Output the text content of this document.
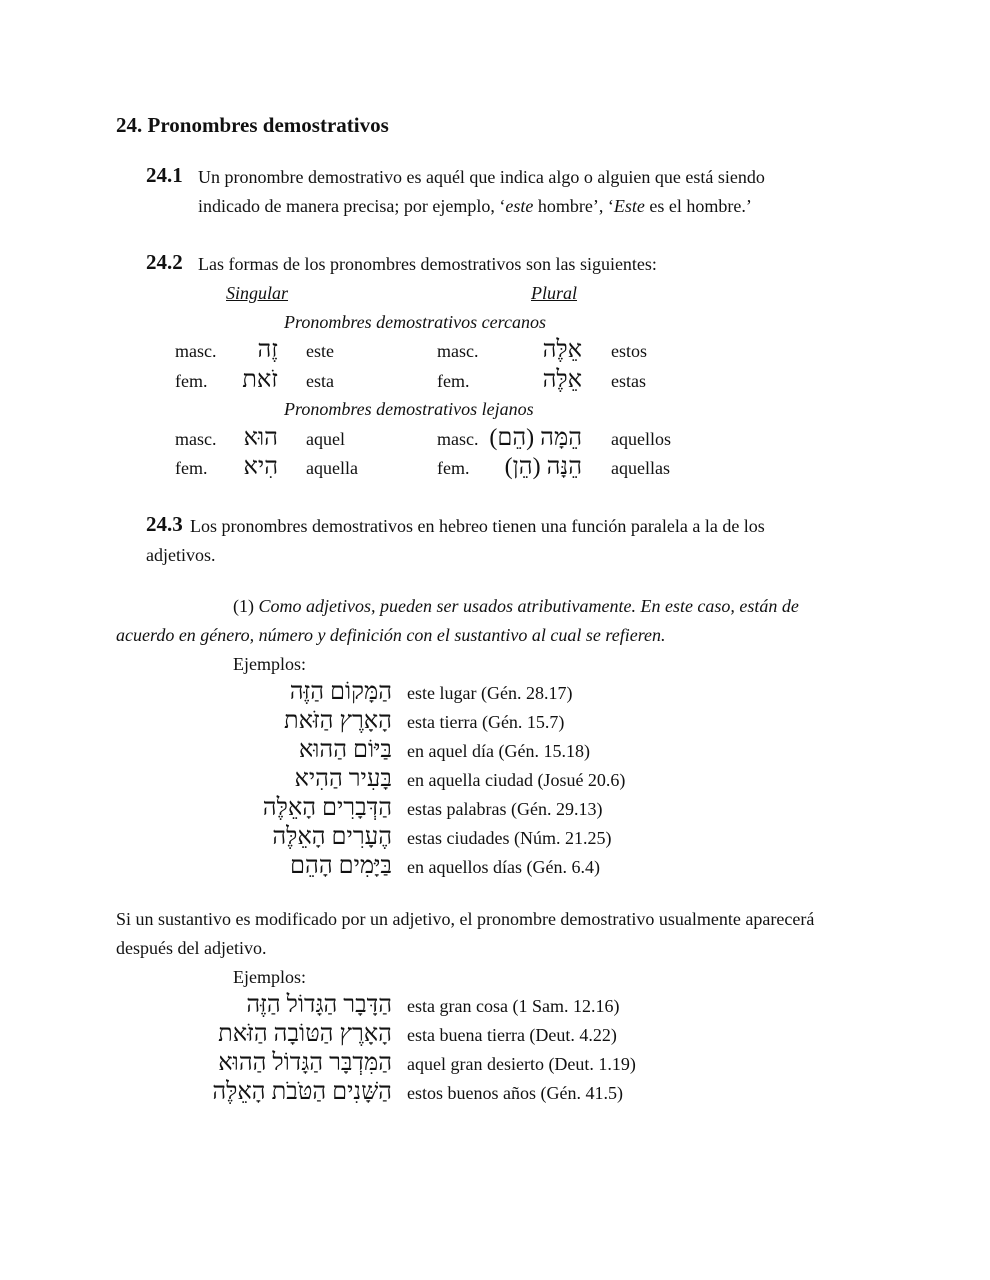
24. Pronombres demostrativos
24.1 Un pronombre demostrativo es aquél que indica algo o alguien que está siendo
indicado de manera precisa; por ejemplo, ‘este hombre’, ‘Este es el hombre.’
24.2 Las formas de los pronombres demostrativos son las siguientes:
Singular	Plural
Pronombres demostrativos cercanos
masc.	זֶה este	masc.	אֵלֶּה estos
fem.	זֹאת esta	fem.	אֵלֶּה estas
Pronombres demostrativos lejanos
masc.	הוּא aquel	masc. הֵמָּה (הֵם) aquellos
fem.	הִיא aquella	fem.	הֵנָּה (הֵן) aquellas
24.3 Los pronombres demostrativos en hebreo tienen una función paralela a la de los
adjetivos.
(1) Como adjetivos, pueden ser usados atributivamente. En este caso, están de
acuerdo en género, número y definición con el sustantivo al cual se refieren.
Ejemplos:
הַמָּקוֹם הַזֶּה este lugar (Gén. 28.17)
הָאָרֶץ הַזֹּאת esta tierra (Gén. 15.7)
בַּיּוֹם הַהוּא en aquel día (Gén. 15.18)
בָּעִיר הַהִיא en aquella ciudad (Josué 20.6)
הַדְּבָרִים הָאֵלֶּה estas palabras (Gén. 29.13)
הֶעָרִים הָאֵלֶּה estas ciudades (Núm. 21.25)
בַּיָּמִים הָהֵם en aquellos días (Gén. 6.4)
Si un sustantivo es modificado por un adjetivo, el pronombre demostrativo usualmente aparecerá
después del adjetivo.
Ejemplos:
הַדָּבָר הַגָּדוֹל הַזֶּה esta gran cosa (1 Sam. 12.16)
הָאָרֶץ הַטּוֹבָה הַזֹּאת esta buena tierra (Deut. 4.22)
הַמִּדְבָּר הַגָּדוֹל הַהוּא aquel gran desierto (Deut. 1.19)
הַשָּׁנִים הַטֹּבֹת הָאֵלֶּה estos buenos años (Gén. 41.5)
